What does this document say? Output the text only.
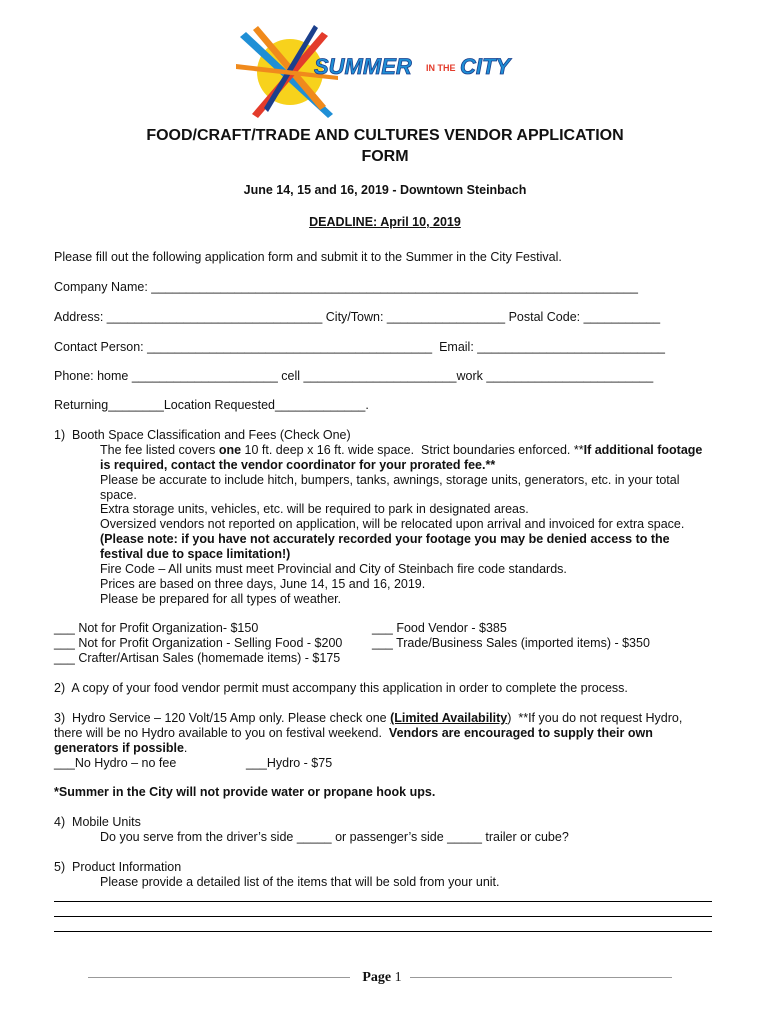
SUMMER IN THE CITY
FOOD/CRAFT/TRADE AND CULTURES VENDOR APPLICATION
FORM
June 14, 15 and 16, 2019 - Downtown Steinbach
DEADLINE: April 10, 2019
Please fill out the following application form and submit it to the Summer in the City Festival.
Company Name: ______________________________________________________________________
Address: _______________________________ City/Town: _________________ Postal Code: ___________
Contact Person: _________________________________________  Email: ___________________________
Phone: home _____________________ cell ______________________work ________________________
Returning________Location Requested_____________.
1)  Booth Space Classification and Fees (Check One)
The fee listed covers one 10 ft. deep x 16 ft. wide space.  Strict boundaries enforced. **If additional footage
is required, contact the vendor coordinator for your prorated fee.**
Please be accurate to include hitch, bumpers, tanks, awnings, storage units, generators, etc. in your total
space.
Extra storage units, vehicles, etc. will be required to park in designated areas.
Oversized vendors not reported on application, will be relocated upon arrival and invoiced for extra space.
(Please note: if you have not accurately recorded your footage you may be denied access to the
festival due to space limitation!)
Fire Code – All units must meet Provincial and City of Steinbach fire code standards.
Prices are based on three days, June 14, 15 and 16, 2019.
Please be prepared for all types of weather.
___ Not for Profit Organization- $150
___ Not for Profit Organization - Selling Food - $200
___ Crafter/Artisan Sales (homemade items) - $175
___ Food Vendor - $385
___ Trade/Business Sales (imported items) - $350
2)  A copy of your food vendor permit must accompany this application in order to complete the process.
3)  Hydro Service – 120 Volt/15 Amp only. Please check one (Limited Availability)  **If you do not request Hydro,
there will be no Hydro available to you on festival weekend.  Vendors are encouraged to supply their own
generators if possible.
___No Hydro – no fee	___Hydro - $75
*Summer in the City will not provide water or propane hook ups.
4)  Mobile Units
Do you serve from the driver’s side _____ or passenger’s side _____ trailer or cube?
5)  Product Information
Please provide a detailed list of the items that will be sold from your unit.
Page 1
